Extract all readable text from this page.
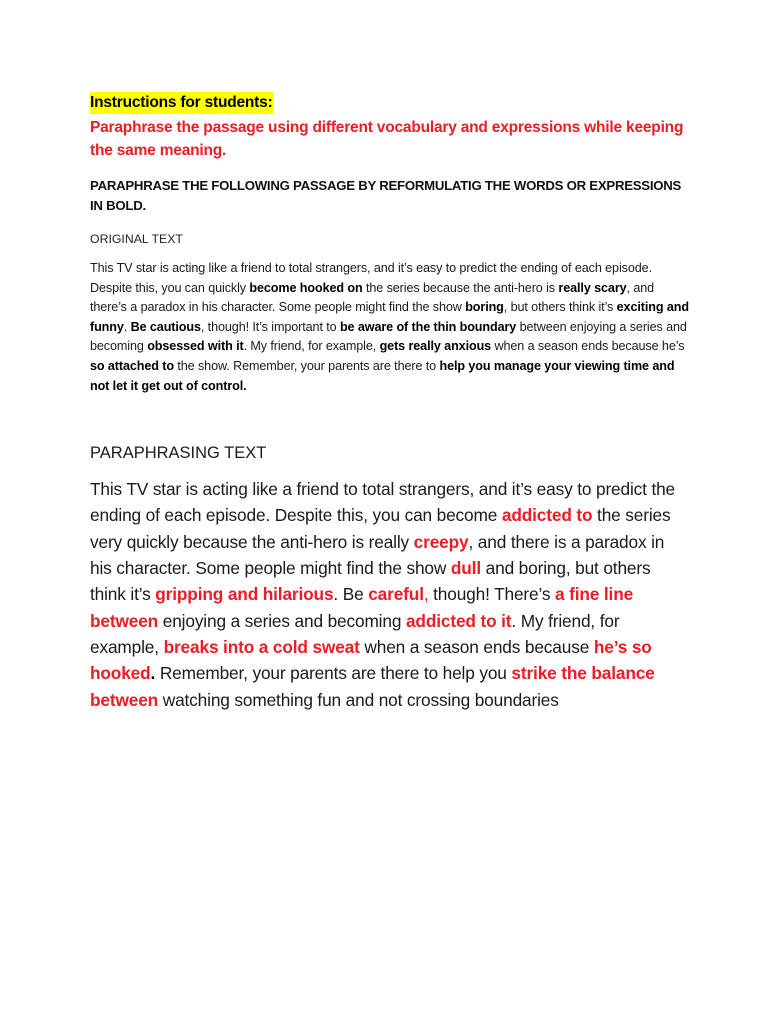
Instructions for students:

Paraphrase the passage using different vocabulary and expressions while keeping the same meaning.

PARAPHRASE THE FOLLOWING PASSAGE BY REFORMULATIG THE WORDS OR EXPRESSIONS IN BOLD.

ORIGINAL TEXT

This TV star is acting like a friend to total strangers, and it’s easy to predict the ending of each episode. Despite this, you can quickly become hooked on the series because the anti-hero is really scary, and there’s a paradox in his character. Some people might find the show boring, but others think it’s exciting and funny. Be cautious, though! It’s important to be aware of the thin boundary between enjoying a series and becoming obsessed with it. My friend, for example, gets really anxious when a season ends because he’s so attached to the show. Remember, your parents are there to help you manage your viewing time and not let it get out of control.

PARAPHRASING TEXT

This TV star is acting like a friend to total strangers, and it’s easy to predict the ending of each episode. Despite this, you can become addicted to the series very quickly because the anti-hero is really creepy, and there is a paradox in his character. Some people might find the show dull and boring, but others think it’s gripping and hilarious. Be careful, though! There’s a fine line between enjoying a series and becoming addicted to it. My friend, for example, breaks into a cold sweat when a season ends because he’s so hooked. Remember, your parents are there to help you strike the balance between watching something fun and not crossing boundaries
